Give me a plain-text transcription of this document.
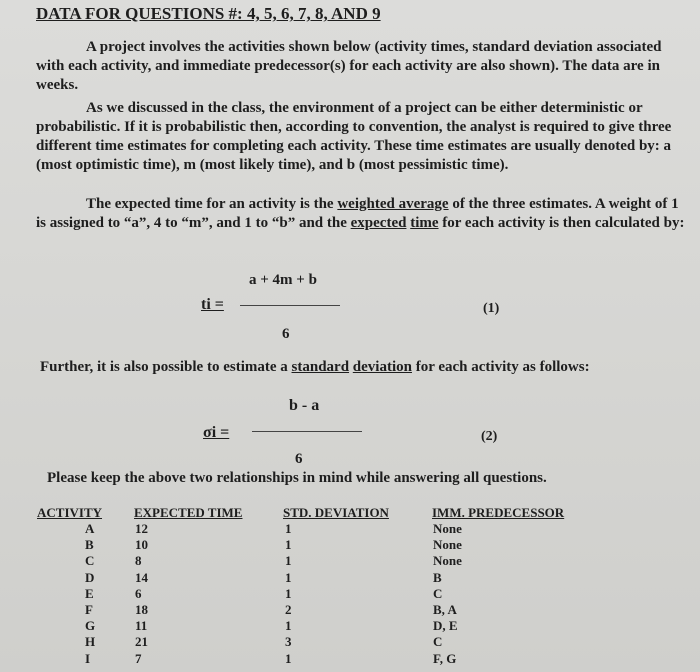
DATA FOR QUESTIONS #: 4, 5, 6, 7, 8, AND 9

A project involves the activities shown below (activity times, standard deviation associated with each activity, and immediate predecessor(s) for each activity are also shown). The data are in weeks.

As we discussed in the class, the environment of a project can be either deterministic or probabilistic. If it is probabilistic then, according to convention, the analyst is required to give three different time estimates for completing each activity. These time estimates are usually denoted by: a (most optimistic time), m (most likely time), and b (most pessimistic time).

The expected time for an activity is the weighted average of the three estimates. A weight of 1 is assigned to “a”, 4 to “m”, and 1 to “b” and the expected time for each activity is then calculated by:

a + 4m + b
ti =	(1)
6
Further, it is also possible to estimate a standard deviation for each activity as follows:
b - a
σi =	(2)
6
Please keep the above two relationships in mind while answering all questions.
ACTIVITY
A
B
C
D
E
F
G
H
I
EXPECTED TIME
12
10
8
14
6
18
11
21
7
STD. DEVIATION
1
1
1
1
1
2
1
3
1
IMM. PREDECESSOR
None
None
None
B
C
B, A
D, E
C
F, G
